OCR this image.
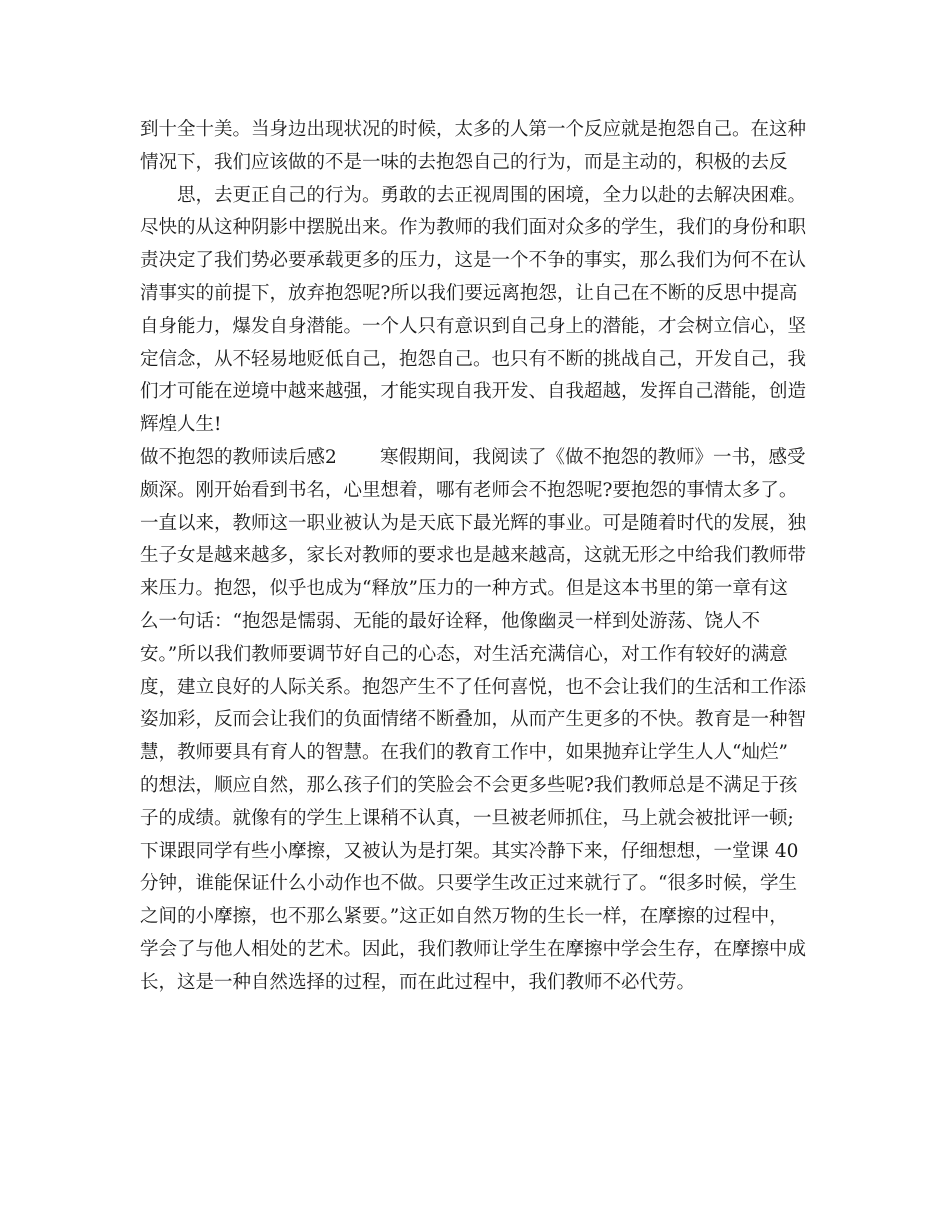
到十全十美。当身边出现状况的时候，太多的人第一个反应就是抱怨自己。在这种
情况下，我们应该做的不是一味的去抱怨自己的行为，而是主动的，积极的去反
思，去更正自己的行为。勇敢的去正视周围的困境，全力以赴的去解决困难。
尽快的从这种阴影中摆脱出来。作为教师的我们面对众多的学生，我们的身份和职
责决定了我们势必要承载更多的压力，这是一个不争的事实，那么我们为何不在认
清事实的前提下，放弃抱怨呢?所以我们要远离抱怨，让自己在不断的反思中提高
自身能力，爆发自身潜能。一个人只有意识到自己身上的潜能，才会树立信心，坚
定信念，从不轻易地贬低自己，抱怨自己。也只有不断的挑战自己，开发自己，我
们才可能在逆境中越来越强，才能实现自我开发、自我超越，发挥自己潜能，创造
辉煌人生!
做不抱怨的教师读后感2 寒假期间，我阅读了《做不抱怨的教师》一书，感受
颇深。刚开始看到书名，心里想着，哪有老师会不抱怨呢?要抱怨的事情太多了。
一直以来，教师这一职业被认为是天底下最光辉的事业。可是随着时代的发展，独
生子女是越来越多，家长对教师的要求也是越来越高，这就无形之中给我们教师带
来压力。抱怨，似乎也成为“释放”压力的一种方式。但是这本书里的第一章有这
么一句话：“抱怨是懦弱、无能的最好诠释，他像幽灵一样到处游荡、饶人不
安。”所以我们教师要调节好自己的心态，对生活充满信心，对工作有较好的满意
度，建立良好的人际关系。抱怨产生不了任何喜悦，也不会让我们的生活和工作添
姿加彩，反而会让我们的负面情绪不断叠加，从而产生更多的不快。教育是一种智
慧，教师要具有育人的智慧。在我们的教育工作中，如果抛弃让学生人人“灿烂”
的想法，顺应自然，那么孩子们的笑脸会不会更多些呢?我们教师总是不满足于孩
子的成绩。就像有的学生上课稍不认真，一旦被老师抓住，马上就会被批评一顿;
下课跟同学有些小摩擦，又被认为是打架。其实冷静下来，仔细想想，一堂课 40
分钟，谁能保证什么小动作也不做。只要学生改正过来就行了。“很多时候，学生
之间的小摩擦，也不那么紧要。”这正如自然万物的生长一样，在摩擦的过程中，
学会了与他人相处的艺术。因此，我们教师让学生在摩擦中学会生存，在摩擦中成
长，这是一种自然选择的过程，而在此过程中，我们教师不必代劳。
